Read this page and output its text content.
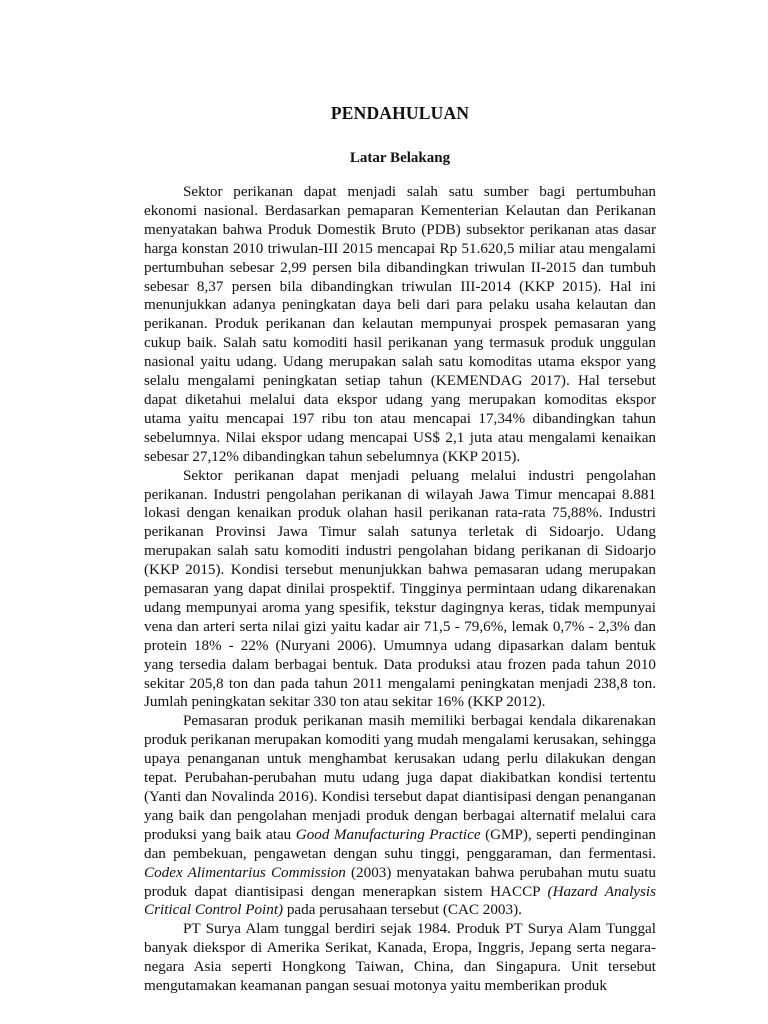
PENDAHULUAN
Latar Belakang

Sektor perikanan dapat menjadi salah satu sumber bagi pertumbuhan ekonomi nasional. Berdasarkan pemaparan Kementerian Kelautan dan Perikanan menyatakan bahwa Produk Domestik Bruto (PDB) subsektor perikanan atas dasar harga konstan 2010 triwulan-III 2015 mencapai Rp 51.620,5 miliar atau mengalami pertumbuhan sebesar 2,99 persen bila dibandingkan triwulan II-2015 dan tumbuh sebesar 8,37 persen bila dibandingkan triwulan III-2014 (KKP 2015). Hal ini menunjukkan adanya peningkatan daya beli dari para pelaku usaha kelautan dan perikanan. Produk perikanan dan kelautan mempunyai prospek pemasaran yang cukup baik. Salah satu komoditi hasil perikanan yang termasuk produk unggulan nasional yaitu udang. Udang merupakan salah satu komoditas utama ekspor yang selalu mengalami peningkatan setiap tahun (KEMENDAG 2017). Hal tersebut dapat diketahui melalui data ekspor udang yang merupakan komoditas ekspor utama yaitu mencapai 197 ribu ton atau mencapai 17,34% dibandingkan tahun sebelumnya. Nilai ekspor udang mencapai US$ 2,1 juta atau mengalami kenaikan sebesar 27,12% dibandingkan tahun sebelumnya (KKP 2015).

Sektor perikanan dapat menjadi peluang melalui industri pengolahan perikanan. Industri pengolahan perikanan di wilayah Jawa Timur mencapai 8.881 lokasi dengan kenaikan produk olahan hasil perikanan rata-rata 75,88%. Industri perikanan Provinsi Jawa Timur salah satunya terletak di Sidoarjo. Udang merupakan salah satu komoditi industri pengolahan bidang perikanan di Sidoarjo (KKP 2015). Kondisi tersebut menunjukkan bahwa pemasaran udang merupakan pemasaran yang dapat dinilai prospektif. Tingginya permintaan udang dikarenakan udang mempunyai aroma yang spesifik, tekstur dagingnya keras, tidak mempunyai vena dan arteri serta nilai gizi yaitu kadar air 71,5 - 79,6%, lemak 0,7% - 2,3% dan protein 18% - 22% (Nuryani 2006). Umumnya udang dipasarkan dalam bentuk yang tersedia dalam berbagai bentuk. Data produksi atau frozen pada tahun 2010 sekitar 205,8 ton dan pada tahun 2011 mengalami peningkatan menjadi 238,8 ton. Jumlah peningkatan sekitar 330 ton atau sekitar 16% (KKP 2012).

Pemasaran produk perikanan masih memiliki berbagai kendala dikarenakan produk perikanan merupakan komoditi yang mudah mengalami kerusakan, sehingga upaya penanganan untuk menghambat kerusakan udang perlu dilakukan dengan tepat. Perubahan-perubahan mutu udang juga dapat diakibatkan kondisi tertentu (Yanti dan Novalinda 2016). Kondisi tersebut dapat diantisipasi dengan penanganan yang baik dan pengolahan menjadi produk dengan berbagai alternatif melalui cara produksi yang baik atau Good Manufacturing Practice (GMP), seperti pendinginan dan pembekuan, pengawetan dengan suhu tinggi, penggaraman, dan fermentasi. Codex Alimentarius Commission (2003) menyatakan bahwa perubahan mutu suatu produk dapat diantisipasi dengan menerapkan sistem HACCP (Hazard Analysis Critical Control Point) pada perusahaan tersebut (CAC 2003).

PT Surya Alam tunggal berdiri sejak 1984. Produk PT Surya Alam Tunggal banyak diekspor di Amerika Serikat, Kanada, Eropa, Inggris, Jepang serta negara-negara Asia seperti Hongkong Taiwan, China, dan Singapura. Unit tersebut mengutamakan keamanan pangan sesuai motonya yaitu memberikan produk
